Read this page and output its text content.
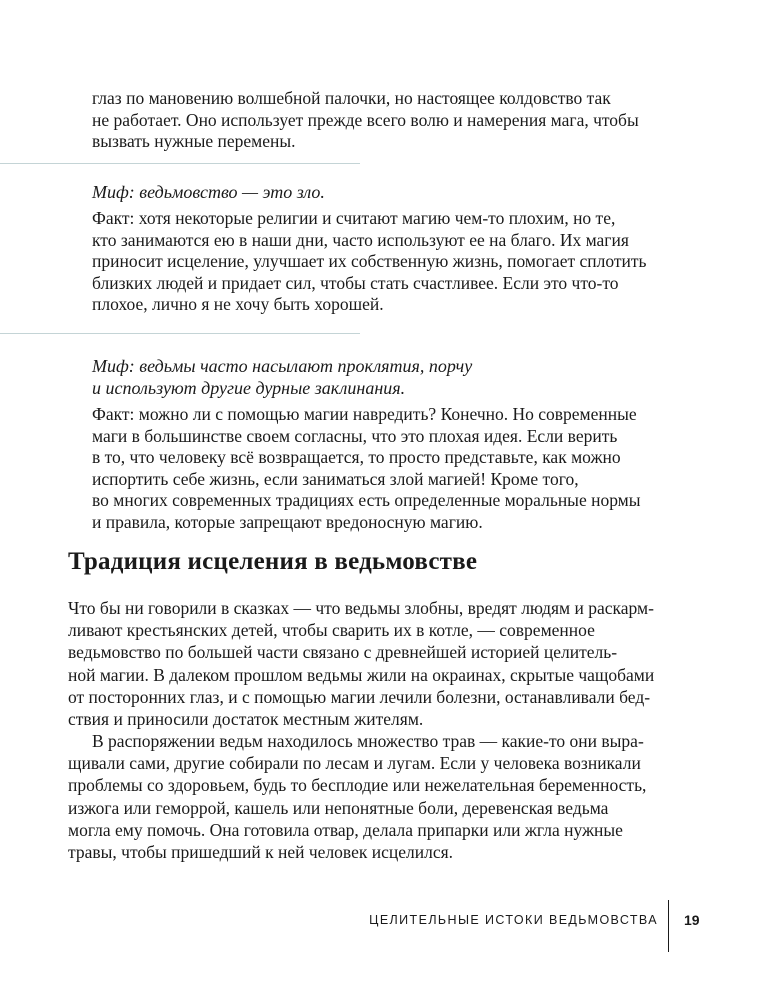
глаз по мановению волшебной палочки, но настоящее колдовство так
не работает. Оно использует прежде всего волю и намерения мага, чтобы
вызвать нужные перемены.
Миф: ведьмовство — это зло.
Факт: хотя некоторые религии и считают магию чем-то плохим, но те,
кто занимаются ею в наши дни, часто используют ее на благо. Их магия
приносит исцеление, улучшает их собственную жизнь, помогает сплотить
близких людей и придает сил, чтобы стать счастливее. Если это что-то
плохое, лично я не хочу быть хорошей.
Миф: ведьмы часто насылают проклятия, порчу
и используют другие дурные заклинания.
Факт: можно ли с помощью магии навредить? Конечно. Но современные
маги в большинстве своем согласны, что это плохая идея. Если верить
в то, что человеку всё возвращается, то просто представьте, как можно
испортить себе жизнь, если заниматься злой магией! Кроме того,
во многих современных традициях есть определенные моральные нормы
и правила, которые запрещают вредоносную магию.
Традиция исцеления в ведьмовстве
Что бы ни говорили в сказках — что ведьмы злобны, вредят людям и раскарм-
ливают крестьянских детей, чтобы сварить их в котле, — современное
ведьмовство по большей части связано с древнейшей историей целитель-
ной магии. В далеком прошлом ведьмы жили на окраинах, скрытые чащобами
от посторонних глаз, и с помощью магии лечили болезни, останавливали бед-
ствия и приносили достаток местным жителям.
В распоряжении ведьм находилось множество трав — какие-то они выра-
щивали сами, другие собирали по лесам и лугам. Если у человека возникали
проблемы со здоровьем, будь то бесплодие или нежелательная беременность,
изжога или геморрой, кашель или непонятные боли, деревенская ведьма
могла ему помочь. Она готовила отвар, делала припарки или жгла нужные
травы, чтобы пришедший к ней человек исцелился.
ЦЕЛИТЕЛЬНЫЕ ИСТОКИ ВЕДЬМОВСТВА 19
